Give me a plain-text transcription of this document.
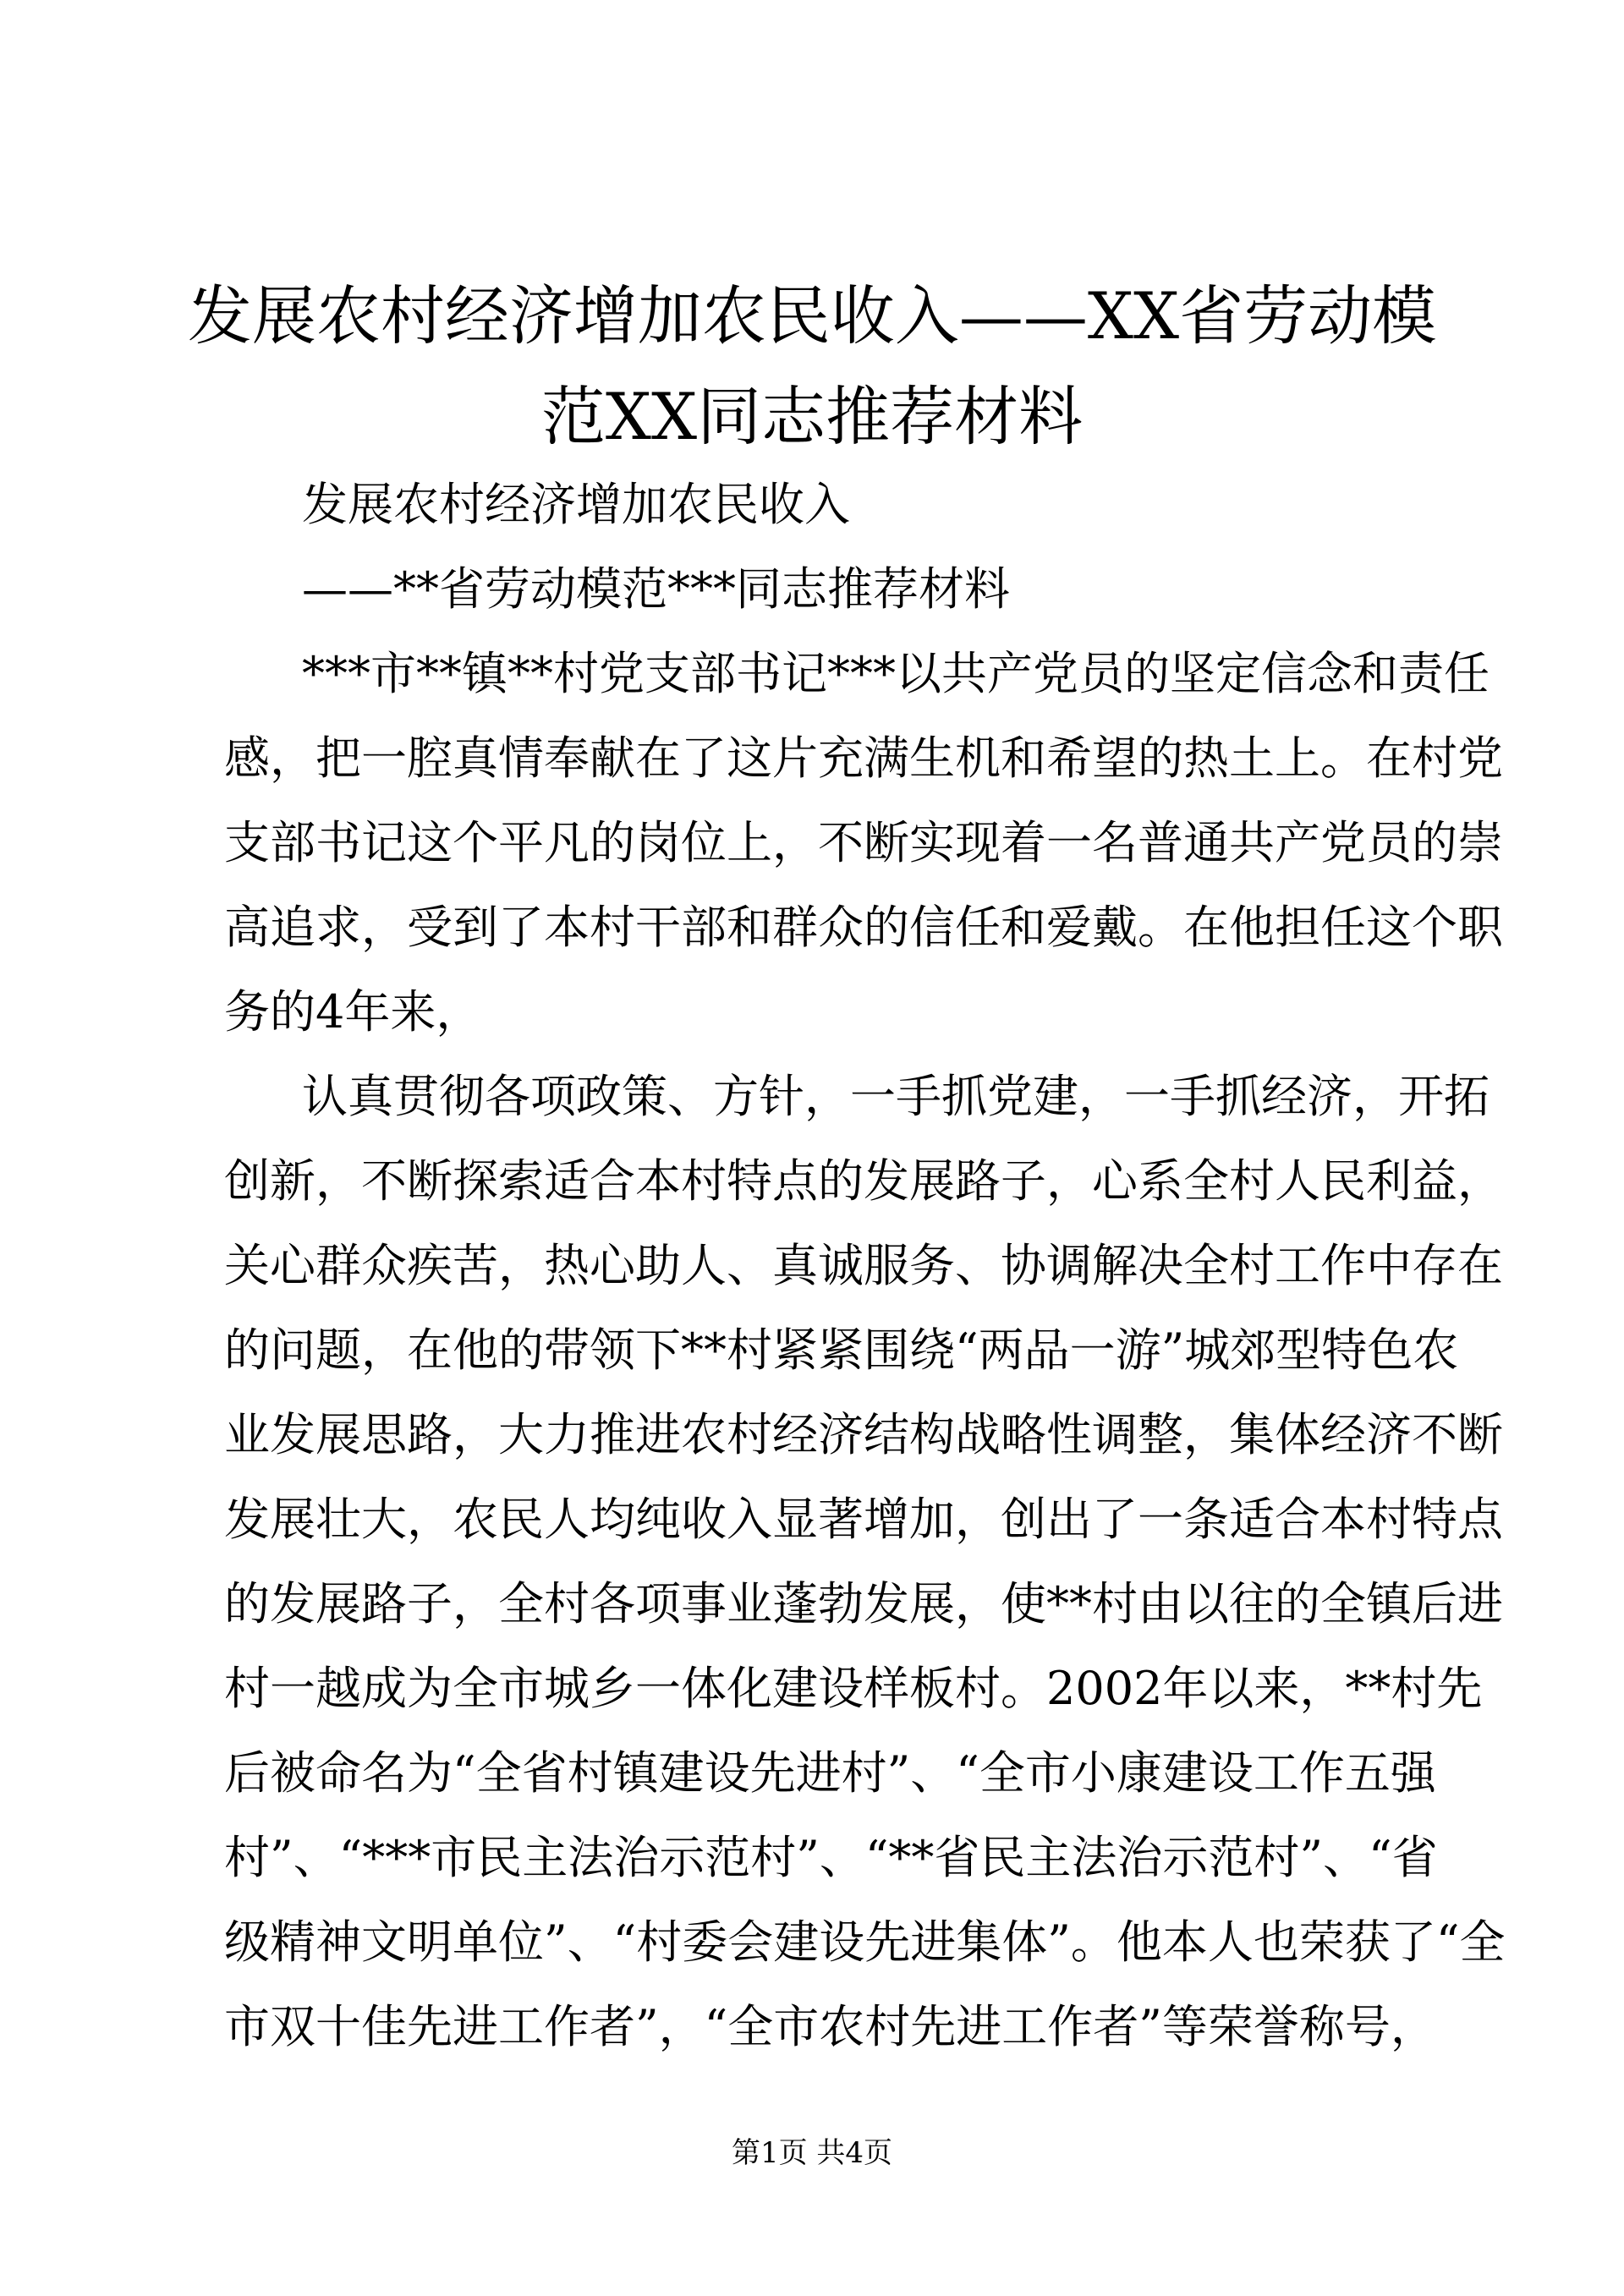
发展农村经济增加农民收入——XX省劳动模
范XX同志推荐材料
发展农村经济增加农民收入
——**省劳动模范***同志推荐材料
***市**镇**村党支部书记***以共产党员的坚定信念和责任
感，把一腔真情奉献在了这片充满生机和希望的热土上。在村党
支部书记这个平凡的岗位上，不断实现着一名普通共产党员的崇
高追求，受到了本村干部和群众的信任和爱戴。在他担任这个职
务的4年来，
认真贯彻各项政策、方针，一手抓党建，一手抓经济，开拓
创新，不断探索适合本村特点的发展路子，心系全村人民利益，
关心群众疾苦，热心助人、真诚服务、协调解决全村工作中存在
的问题，在他的带领下**村紧紧围绕“两品一游”城郊型特色农
业发展思路，大力推进农村经济结构战略性调整，集体经济不断
发展壮大，农民人均纯收入显著增加，创出了一条适合本村特点
的发展路子，全村各项事业蓬勃发展，使**村由以往的全镇后进
村一越成为全市城乡一体化建设样板村。2002年以来，**村先
后被命名为“全省村镇建设先进村”、“全市小康建设工作五强
村”、“***市民主法治示范村”、“**省民主法治示范村”、“省
级精神文明单位”、“村委会建设先进集体”。他本人也荣获了“全
市双十佳先进工作者”，“全市农村先进工作者”等荣誉称号，
第1页 共4页
